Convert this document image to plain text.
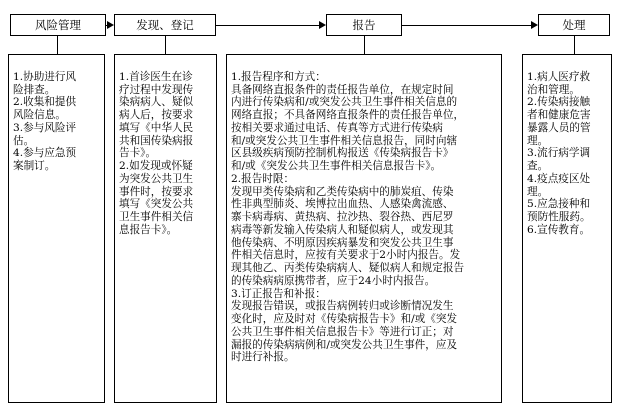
风险管理	发现、登记	报告	处理

1.协助进行风
险排查。
2.收集和提供
风险信息。
3.参与风险评
估。
4.参与应急预
案制订。

1.首诊医生在诊
疗过程中发现传
染病病人、疑似
病人后，按要求
填写《中华人民
共和国传染病报
告卡》。
2.如发现或怀疑
为突发公共卫生
事件时，按要求
填写《突发公共
卫生事件相关信
息报告卡》。

1.报告程序和方式：
具备网络直报条件的责任报告单位，在规定时间
内进行传染病和/或突发公共卫生事件相关信息的
网络直报；不具备网络直报条件的责任报告单位，
按相关要求通过电话、传真等方式进行传染病
和/或突发公共卫生事件相关信息报告，同时向辖
区县级疾病预防控制机构报送《传染病报告卡》
和/或《突发公共卫生事件相关信息报告卡》。
2.报告时限：
发现甲类传染病和乙类传染病中的肺炭疽、传染
性非典型肺炎、埃博拉出血热、人感染禽流感、
寨卡病毒病、黄热病、拉沙热、裂谷热、西尼罗
病毒等新发输入传染病人和疑似病人，或发现其
他传染病、不明原因疾病暴发和突发公共卫生事
件相关信息时，应按有关要求于2小时内报告。发
现其他乙、丙类传染病病人、疑似病人和规定报告
的传染病病原携带者，应于24小时内报告。
3.订正报告和补报：
发现报告错误，或报告病例转归或诊断情况发生
变化时，应及时对《传染病报告卡》和/或《突发
公共卫生事件相关信息报告卡》等进行订正；对
漏报的传染病病例和/或突发公共卫生事件，应及
时进行补报。

1.病人医疗救
治和管理。
2.传染病接触
者和健康危害
暴露人员的管
理。
3.流行病学调
查。
4.疫点疫区处
理。
5.应急接种和
预防性服药。
6.宣传教育。
